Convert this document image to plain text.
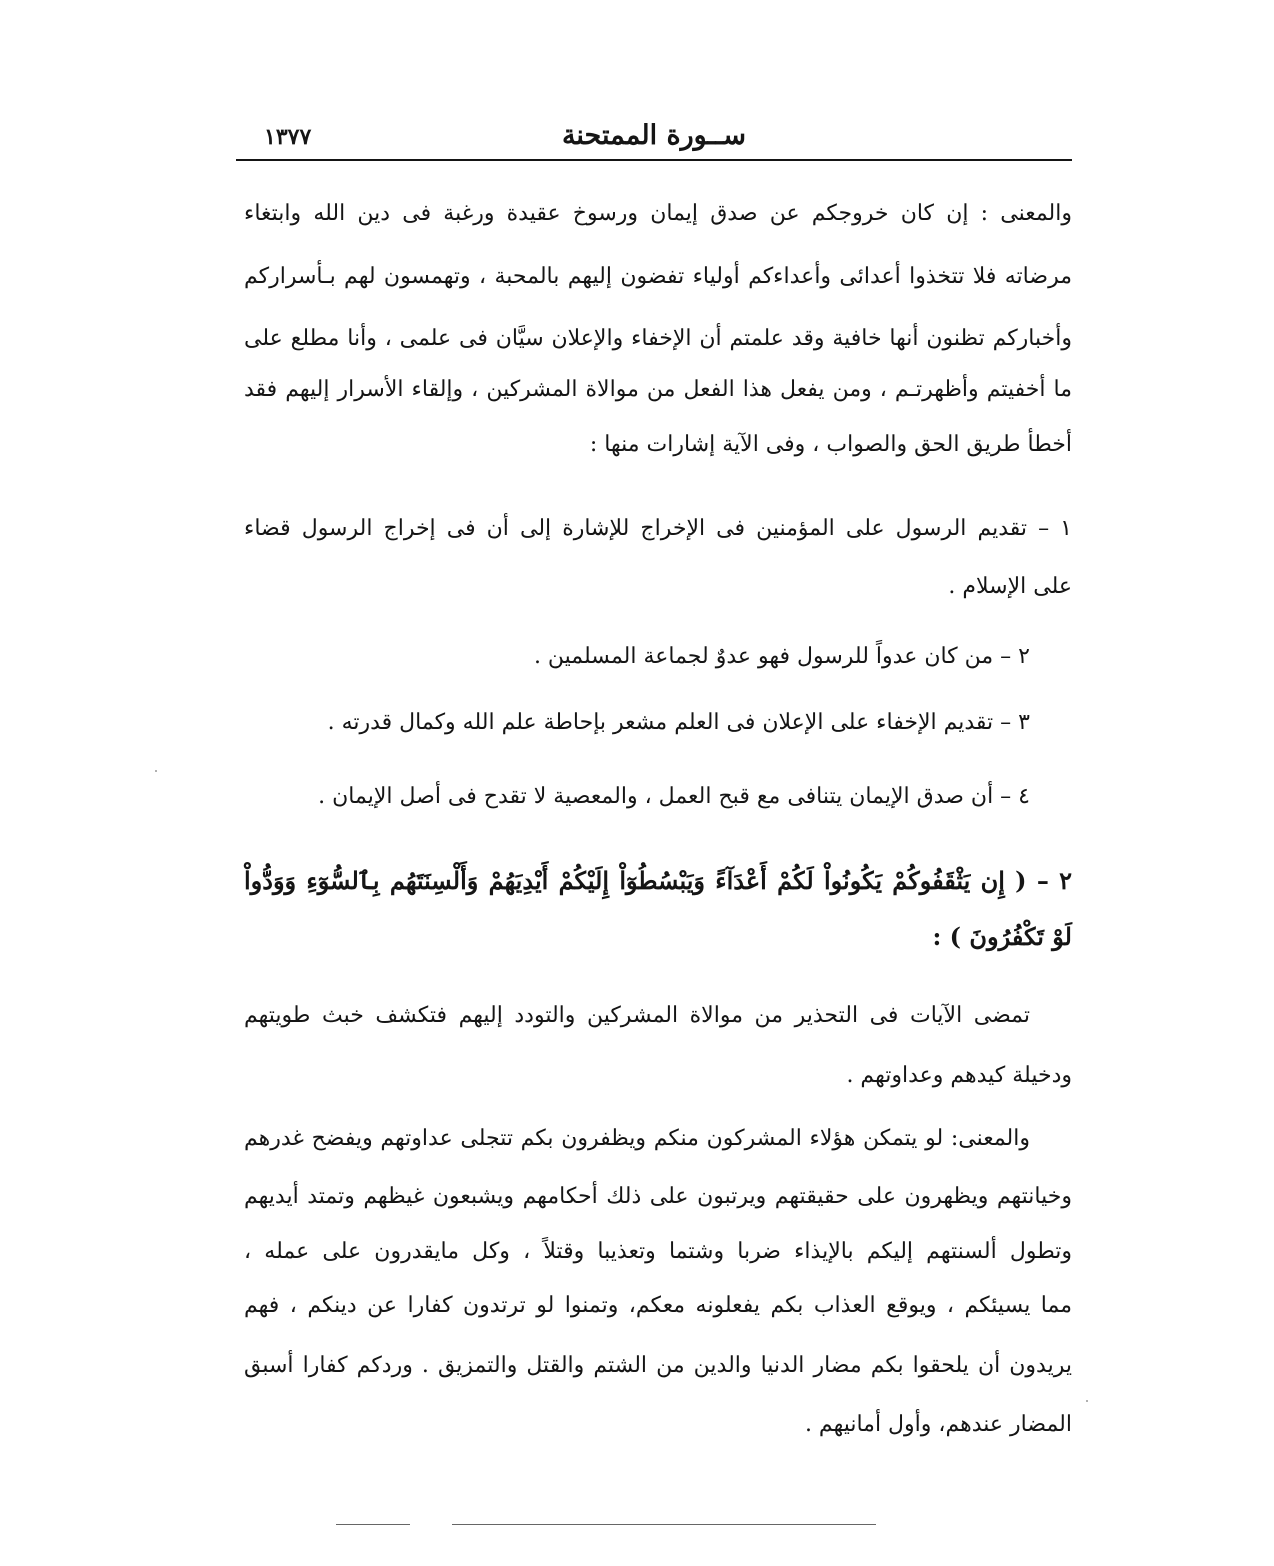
ســورة الممتحنة
١٣٧٧
والمعنى : إن كان خروجكم عن صدق إيمان ورسوخ عقيدة ورغبة فى دين الله وابتغاء
مرضاته فلا تتخذوا أعدائى وأعداءكم أولياء تفضون إليهم بالمحبة ، وتهمسون لهم بـأسراركم
وأخباركم تظنون أنها خافية وقد علمتم أن الإخفاء والإعلان سيَّان فى علمى ، وأنا مطلع على
ما أخفيتم وأظهرتـم ، ومن يفعل هذا الفعل من موالاة المشركين ، وإلقاء الأسرار إليهم فقد
أخطأ طريق الحق والصواب ، وفى الآية إشارات منها :
١ – تقديم الرسول على المؤمنين فى الإخراج للإشارة إلى أن فى إخراج الرسول قضاء
على الإسلام .
٢ – من كان عدواً للرسول فهو عدوٌ لجماعة المسلمين .
٣ – تقديم الإخفاء على الإعلان فى العلم مشعر بإحاطة علم الله وكمال قدرته .
٤ – أن صدق الإيمان يتنافى مع قبح العمل ، والمعصية لا تقدح فى أصل الإيمان .
٢ – ( إِن يَثْقَفُوكُمْ يَكُونُواْ لَكُمْ أَعْدَآءً وَيَبْسُطُوٓاْ إِلَيْكُمْ أَيْدِيَهُمْ وَأَلْسِنَتَهُم بِٱلسُّوٓءِ وَوَدُّواْ
لَوْ تَكْفُرُونَ ) :
تمضى الآيات فى التحذير من موالاة المشركين والتودد إليهم فتكشف خبث طويتهم
ودخيلة كيدهم وعداوتهم .
والمعنى: لو يتمكن هؤلاء المشركون منكم ويظفرون بكم تتجلى عداوتهم ويفضح غدرهم
وخيانتهم ويظهرون على حقيقتهم ويرتبون على ذلك أحكامهم ويشبعون غيظهم وتمتد أيديهم
وتطول ألسنتهم إليكم بالإيذاء ضربا وشتما وتعذيبا وقتلاً ، وكل مايقدرون على عمله ،
مما يسيئكم ، ويوقع العذاب بكم يفعلونه معكم، وتمنوا لو ترتدون كفارا عن دينكم ، فهم
يريدون أن يلحقوا بكم مضار الدنيا والدين من الشتم والقتل والتمزيق . وردكم كفارا أسبق
المضار عندهم، وأول أمانيهم .
